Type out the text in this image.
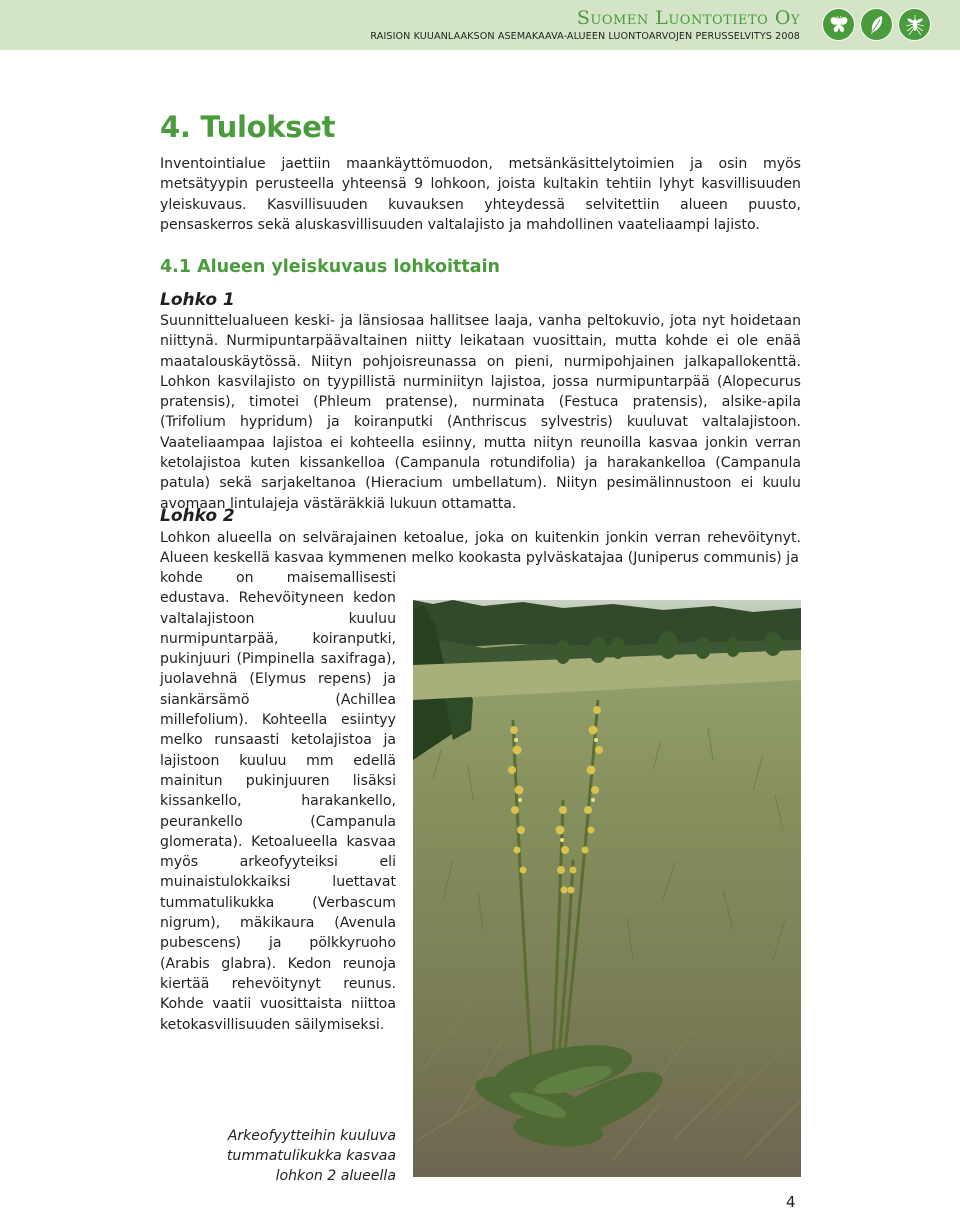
Suomen Luontotieto Oy
RAISION KUUANLAAKSON ASEMAKAAVA-ALUEEN LUONTOARVOJEN PERUSSELVITYS 2008
4. Tulokset

Inventointialue jaettiin maankäyttömuodon, metsänkäsittelytoimien ja osin myös metsätyypin perusteella yhteensä 9 lohkoon, joista kultakin tehtiin lyhyt kasvillisuuden yleiskuvaus. Kasvillisuuden kuvauksen yhteydessä selvitettiin alueen puusto, pensaskerros sekä aluskasvillisuuden valtalajisto ja mahdollinen vaateliaampi lajisto.

4.1 Alueen yleiskuvaus lohkoittain
Lohko 1

Suunnittelualueen keski- ja länsiosaa hallitsee laaja, vanha peltokuvio, jota nyt hoidetaan niittynä. Nurmipuntarpäävaltainen niitty leikataan vuosittain, mutta kohde ei ole enää maatalouskäytössä. Niityn pohjoisreunassa on pieni, nurmipohjainen jalkapallokenttä. Lohkon kasvilajisto on tyypillistä nurminiityn lajistoa, jossa nurmipuntarpää (Alopecurus pratensis), timotei (Phleum pratense), nurminata (Festuca pratensis), alsike-apila (Trifolium hypridum) ja koiranputki (Anthriscus sylvestris) kuuluvat valtalajistoon. Vaateliaampaa lajistoa ei kohteella esiinny, mutta niityn reunoilla kasvaa jonkin verran ketolajistoa kuten kissankelloa (Campanula rotundifolia) ja harakankelloa (Campanula patula) sekä sarjakeltanoa (Hieracium umbellatum). Niityn pesimälinnustoon ei kuulu avomaan lintulajeja västäräkkiä lukuun ottamatta.

Lohko 2

Lohkon alueella on selvärajainen ketoalue, joka on kuitenkin jonkin verran rehevöitynyt. Alueen keskellä kasvaa kymmenen melko kookasta pylväskatajaa (Juniperus communis) ja

kohde on maisemallisesti edustava. Rehevöityneen kedon valtalajistoon kuuluu nurmipuntarpää, koiranputki, pukinjuuri (Pimpinella saxifraga), juolavehnä (Elymus repens) ja siankärsämö (Achillea millefolium). Kohteella esiintyy melko runsaasti ketolajistoa ja lajistoon kuuluu mm edellä mainitun pukinjuuren lisäksi kissankello, harakankello, peurankello (Campanula glomerata). Ketoalueella kasvaa myös arkeofyyteiksi eli muinaistulokkaiksi luettavat tummatulikukka (Verbascum nigrum), mäkikaura (Avenula pubescens) ja pölkkyruoho (Arabis glabra). Kedon reunoja kiertää rehevöitynyt reunus. Kohde vaatii vuosittaista niittoa ketokasvillisuuden säilymiseksi.

Arkeofyytteihin kuuluva tummatulikukka kasvaa lohkon 2 alueella

4
